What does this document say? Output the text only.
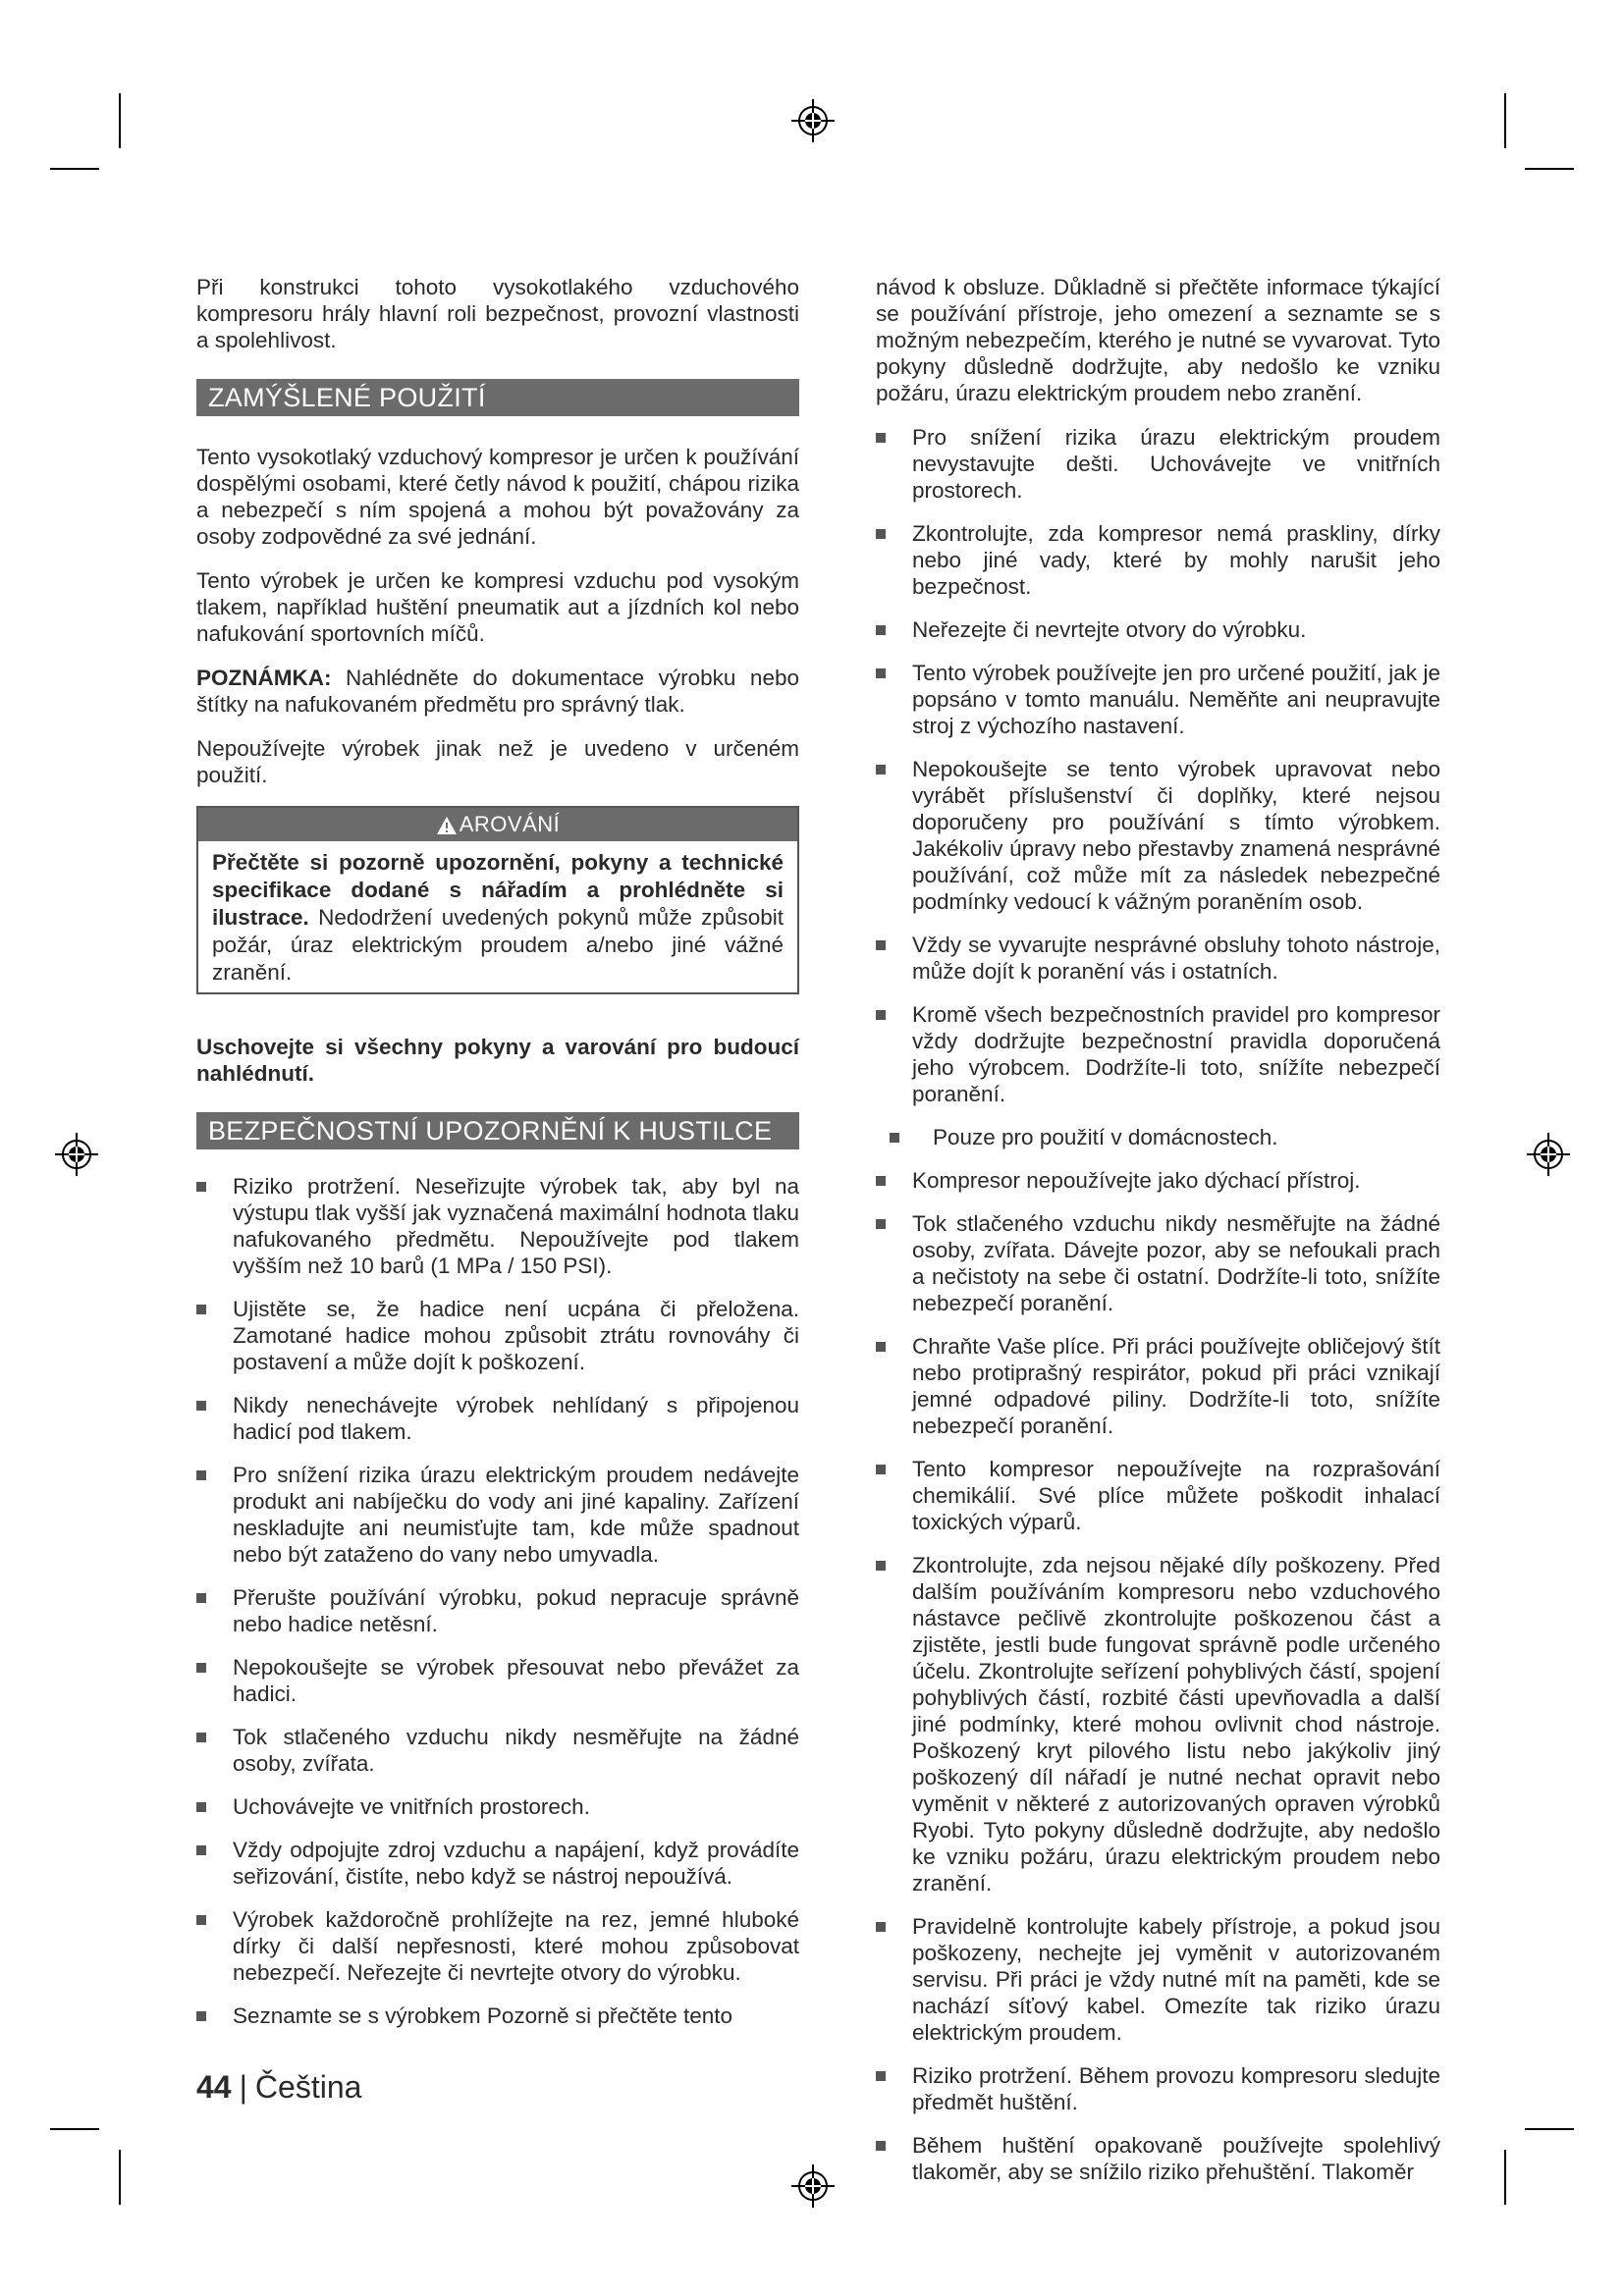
Při konstrukci tohoto vysokotlakého vzduchového kompresoru hrály hlavní roli bezpečnost, provozní vlastnosti a spolehlivost.

ZAMÝŠLENÉ POUŽITÍ

Tento vysokotlaký vzduchový kompresor je určen k používání dospělými osobami, které četly návod k použití, chápou rizika a nebezpečí s ním spojená a mohou být považovány za osoby zodpovědné za své jednání.

Tento výrobek je určen ke kompresi vzduchu pod vysokým tlakem, například huštění pneumatik aut a jízdních kol nebo nafukování sportovních míčů.

POZNÁMKA: Nahlédněte do dokumentace výrobku nebo štítky na nafukovaném předmětu pro správný tlak.

Nepoužívejte výrobek jinak než je uvedeno v určeném použití.

AROVÁNÍ
Přečtěte si pozorně upozornění, pokyny a technické specifikace dodané s nářadím a prohlédněte si ilustrace. Nedodržení uvedených pokynů může způsobit požár, úraz elektrickým proudem a/nebo jiné vážné zranění.

Uschovejte si všechny pokyny a varování pro budoucí nahlédnutí.

BEZPEČNOSTNÍ UPOZORNĚNÍ K HUSTILCE
Riziko protržení. Neseřizujte výrobek tak, aby byl na výstupu tlak vyšší jak vyznačená maximální hodnota tlaku nafukovaného předmětu. Nepoužívejte pod tlakem vyšším než 10 barů (1 MPa / 150 PSI).
Ujistěte se, že hadice není ucpána či přeložena. Zamotané hadice mohou způsobit ztrátu rovnováhy či postavení a může dojít k poškození.
Nikdy nenechávejte výrobek nehlídaný s připojenou hadicí pod tlakem.
Pro snížení rizika úrazu elektrickým proudem nedávejte produkt ani nabíječku do vody ani jiné kapaliny. Zařízení neskladujte ani neumisťujte tam, kde může spadnout nebo být zataženo do vany nebo umyvadla.
Přerušte používání výrobku, pokud nepracuje správně nebo hadice netěsní.
Nepokoušejte se výrobek přesouvat nebo převážet za hadici.
Tok stlačeného vzduchu nikdy nesměřujte na žádné osoby, zvířata.
Uchovávejte ve vnitřních prostorech.
Vždy odpojujte zdroj vzduchu a napájení, když provádíte seřizování, čistíte, nebo když se nástroj nepoužívá.
Výrobek každoročně prohlížejte na rez, jemné hluboké dírky či další nepřesnosti, které mohou způsobovat nebezpečí. Neřezejte či nevrtejte otvory do výrobku.
Seznamte se s výrobkem Pozorně si přečtěte tento

návod k obsluze. Důkladně si přečtěte informace týkající se používání přístroje, jeho omezení a seznamte se s možným nebezpečím, kterého je nutné se vyvarovat. Tyto pokyny důsledně dodržujte, aby nedošlo ke vzniku požáru, úrazu elektrickým proudem nebo zranění.

Pro snížení rizika úrazu elektrickým proudem nevystavujte dešti. Uchovávejte ve vnitřních prostorech.
Zkontrolujte, zda kompresor nemá praskliny, dírky nebo jiné vady, které by mohly narušit jeho bezpečnost.
Neřezejte či nevrtejte otvory do výrobku.
Tento výrobek používejte jen pro určené použití, jak je popsáno v tomto manuálu. Neměňte ani neupravujte stroj z výchozího nastavení.
Nepokoušejte se tento výrobek upravovat nebo vyrábět příslušenství či doplňky, které nejsou doporučeny pro používání s tímto výrobkem. Jakékoliv úpravy nebo přestavby znamená nesprávné používání, což může mít za následek nebezpečné podmínky vedoucí k vážným poraněním osob.
Vždy se vyvarujte nesprávné obsluhy tohoto nástroje, může dojít k poranění vás i ostatních.
Kromě všech bezpečnostních pravidel pro kompresor vždy dodržujte bezpečnostní pravidla doporučená jeho výrobcem. Dodržíte-li toto, snížíte nebezpečí poranění.
Pouze pro použití v domácnostech.
Kompresor nepoužívejte jako dýchací přístroj.
Tok stlačeného vzduchu nikdy nesměřujte na žádné osoby, zvířata. Dávejte pozor, aby se nefoukali prach a nečistoty na sebe či ostatní. Dodržíte-li toto, snížíte nebezpečí poranění.
Chraňte Vaše plíce. Při práci používejte obličejový štít nebo protiprašný respirátor, pokud při práci vznikají jemné odpadové piliny. Dodržíte-li toto, snížíte nebezpečí poranění.
Tento kompresor nepoužívejte na rozprašování chemikálií. Své plíce můžete poškodit inhalací toxických výparů.
Zkontrolujte, zda nejsou nějaké díly poškozeny. Před dalším používáním kompresoru nebo vzduchového nástavce pečlivě zkontrolujte poškozenou část a zjistěte, jestli bude fungovat správně podle určeného účelu. Zkontrolujte seřízení pohyblivých částí, spojení pohyblivých částí, rozbité části upevňovadla a další jiné podmínky, které mohou ovlivnit chod nástroje. Poškozený kryt pilového listu nebo jakýkoliv jiný poškozený díl nářadí je nutné nechat opravit nebo vyměnit v některé z autorizovaných opraven výrobků Ryobi. Tyto pokyny důsledně dodržujte, aby nedošlo ke vzniku požáru, úrazu elektrickým proudem nebo zranění.
Pravidelně kontrolujte kabely přístroje, a pokud jsou poškozeny, nechejte jej vyměnit v autorizovaném servisu. Při práci je vždy nutné mít na paměti, kde se nachází síťový kabel. Omezíte tak riziko úrazu elektrickým proudem.
Riziko protržení. Během provozu kompresoru sledujte předmět huštění.
Během huštění opakovaně používejte spolehlivý tlakoměr, aby se snížilo riziko přehuštění. Tlakoměr
44 | Čeština
